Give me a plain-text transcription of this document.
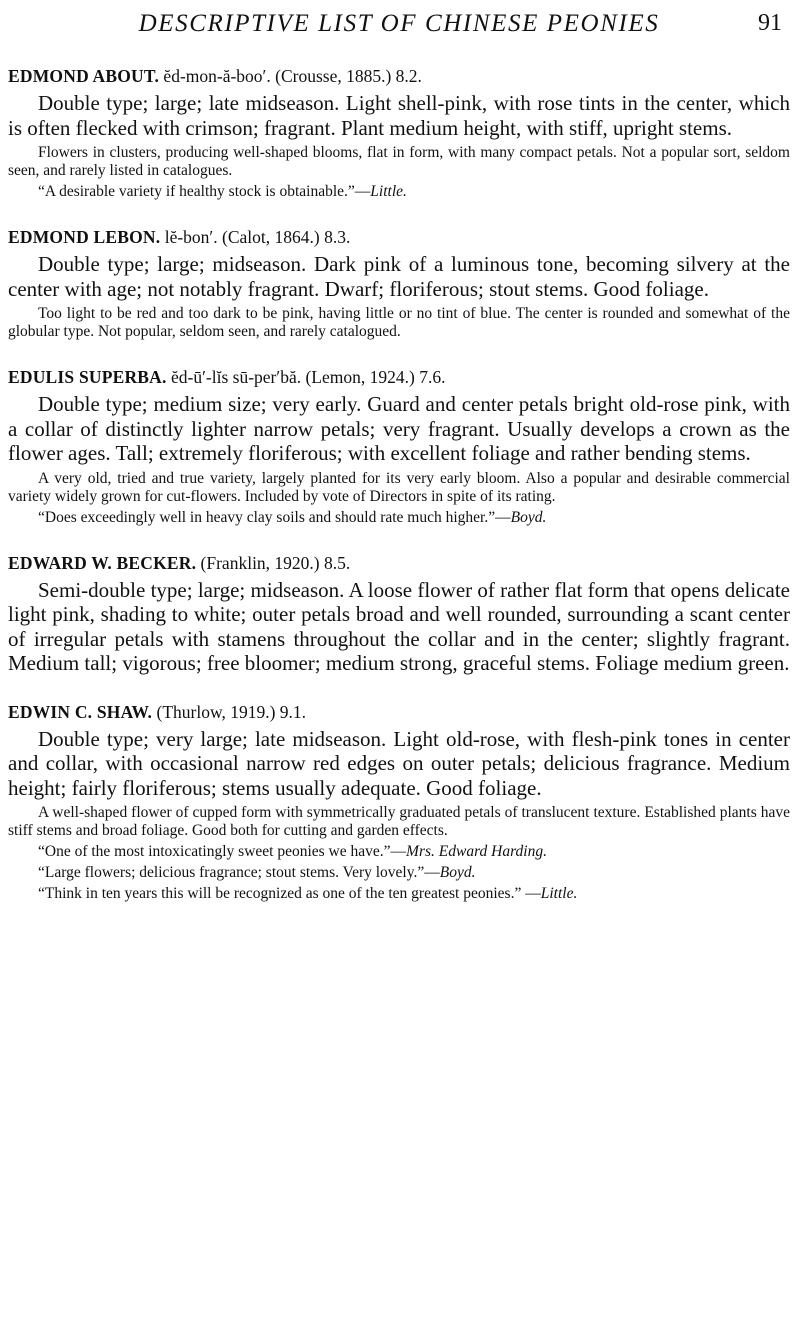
DESCRIPTIVE LIST OF CHINESE PEONIES	91
EDMOND ABOUT. ĕd-mon-ă-boo′. (Crousse, 1885.) 8.2.
Double type; large; late midseason. Light shell-pink, with rose tints in the center, which is often flecked with crimson; fragrant. Plant medium height, with stiff, upright stems.
Flowers in clusters, producing well-shaped blooms, flat in form, with many compact petals. Not a popular sort, seldom seen, and rarely listed in catalogues.
“A desirable variety if healthy stock is obtainable.”—Little.
EDMOND LEBON. lĕ-bon′. (Calot, 1864.) 8.3.
Double type; large; midseason. Dark pink of a luminous tone, becoming silvery at the center with age; not notably fragrant. Dwarf; floriferous; stout stems. Good foliage.
Too light to be red and too dark to be pink, having little or no tint of blue. The center is rounded and somewhat of the globular type. Not popular, seldom seen, and rarely catalogued.
EDULIS SUPERBA. ĕd-ū′-lĭs sū-per′bă. (Lemon, 1924.) 7.6.
Double type; medium size; very early. Guard and center petals bright old-rose pink, with a collar of distinctly lighter narrow petals; very fragrant. Usually develops a crown as the flower ages. Tall; extremely floriferous; with excellent foliage and rather bending stems.
A very old, tried and true variety, largely planted for its very early bloom. Also a popular and desirable commercial variety widely grown for cut-flowers. Included by vote of Directors in spite of its rating.
“Does exceedingly well in heavy clay soils and should rate much higher.”—Boyd.
EDWARD W. BECKER. (Franklin, 1920.) 8.5.
Semi-double type; large; midseason. A loose flower of rather flat form that opens delicate light pink, shading to white; outer petals broad and well rounded, surrounding a scant center of irregular petals with stamens throughout the collar and in the center; slightly fragrant. Medium tall; vigorous; free bloomer; medium strong, graceful stems. Foliage medium green.
EDWIN C. SHAW. (Thurlow, 1919.) 9.1.
Double type; very large; late midseason. Light old-rose, with flesh-pink tones in center and collar, with occasional narrow red edges on outer petals; delicious fragrance. Medium height; fairly floriferous; stems usually adequate. Good foliage.
A well-shaped flower of cupped form with symmetrically graduated petals of translucent texture. Established plants have stiff stems and broad foliage. Good both for cutting and garden effects.
“One of the most intoxicatingly sweet peonies we have.”—Mrs. Edward Harding.
“Large flowers; delicious fragrance; stout stems. Very lovely.”—Boyd.
“Think in ten years this will be recognized as one of the ten greatest peonies.” —Little.
